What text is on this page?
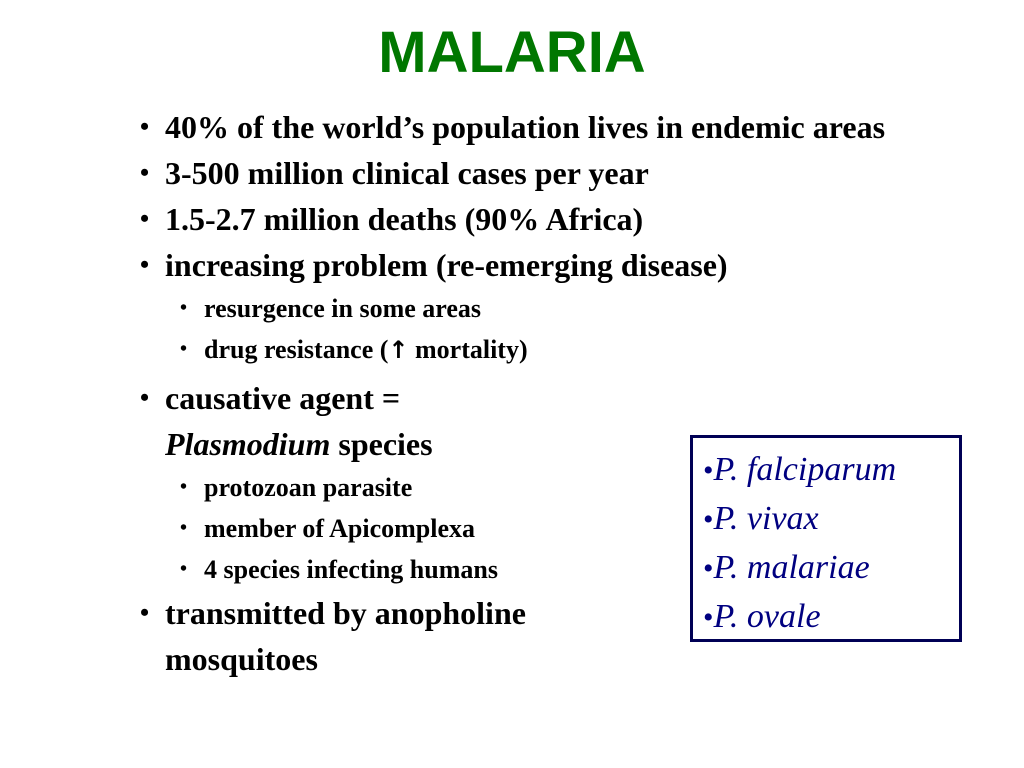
MALARIA
• 40% of the world’s population lives in endemic areas
• 3-500 million clinical cases per year
• 1.5-2.7 million deaths (90% Africa)
• increasing problem (re-emerging disease)
• resurgence in some areas
• drug resistance (↑ mortality)
• causative agent =
Plasmodium species
• protozoan parasite
• member of Apicomplexa
• 4 species infecting humans
• transmitted by anopholine mosquitoes
•P. falciparum
•P. vivax
•P. malariae
•P. ovale
